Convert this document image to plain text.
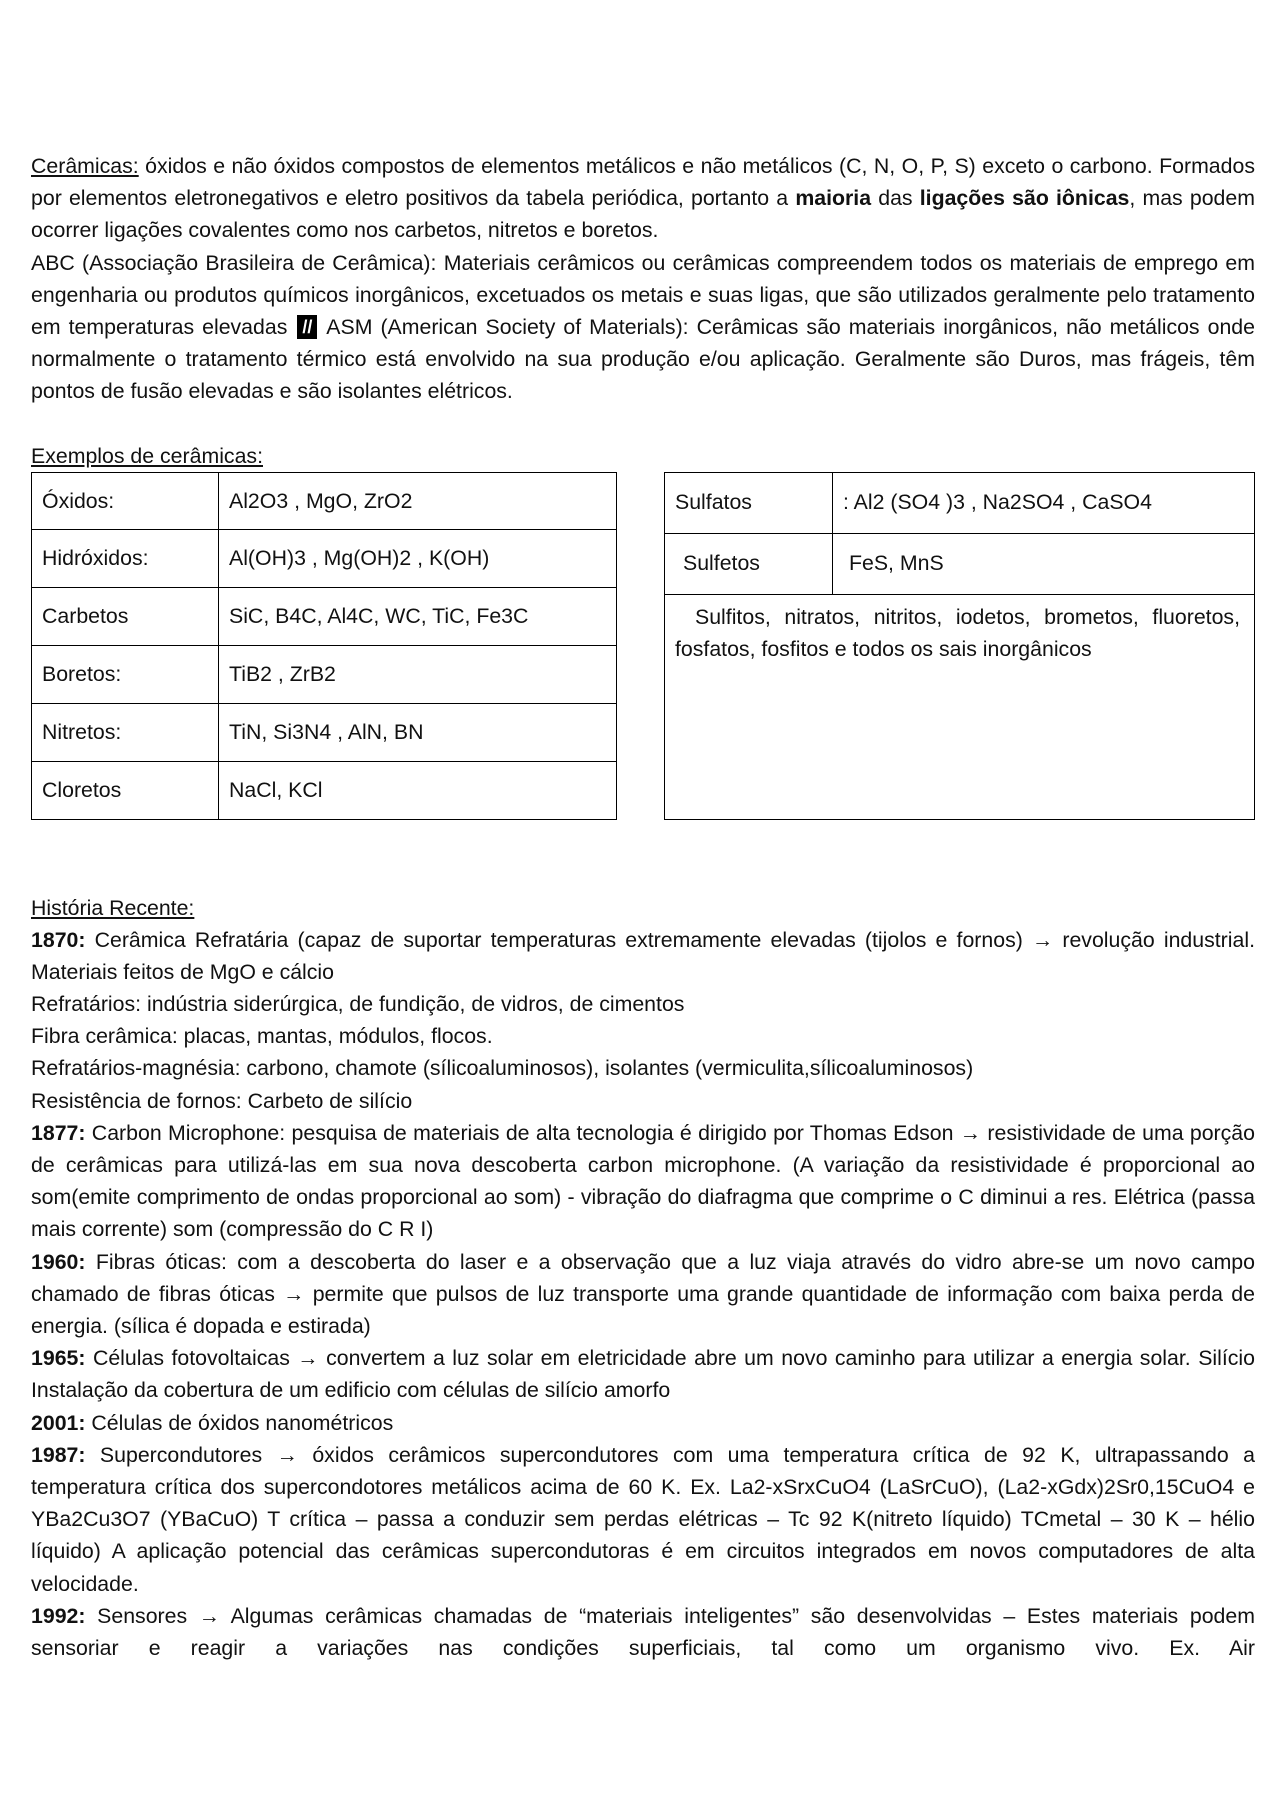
Cerâmicas: óxidos e não óxidos compostos de elementos metálicos e não metálicos (C, N, O, P, S) exceto o carbono. Formados por elementos eletronegativos e eletro positivos da tabela periódica, portanto a maioria das ligações são iônicas, mas podem ocorrer ligações covalentes como nos carbetos, nitretos e boretos.
ABC (Associação Brasileira de Cerâmica): Materiais cerâmicos ou cerâmicas compreendem todos os materiais de emprego em engenharia ou produtos químicos inorgânicos, excetuados os metais e suas ligas, que são utilizados geralmente pelo tratamento em temperaturas elevadas // ASM (American Society of Materials): Cerâmicas são materiais inorgânicos, não metálicos onde normalmente o tratamento térmico está envolvido na sua produção e/ou aplicação. Geralmente são Duros, mas frágeis, têm pontos de fusão elevadas e são isolantes elétricos.

Exemplos de cerâmicas:

Óxidos:	Al2O3 , MgO, ZrO2
Hidróxidos:	Al(OH)3 , Mg(OH)2 , K(OH)
Carbetos	SiC, B4C, Al4C, WC, TiC, Fe3C
Boretos:	TiB2 , ZrB2
Nitretos:	TiN, Si3N4 , AlN, BN
Cloretos	NaCl, KCl
Sulfatos	: Al2 (SO4 )3 , Na2SO4 , CaSO4
Sulfetos	FeS, MnS
Sulfitos, nitratos, nitritos, iodetos, brometos, fluoretos, fosfatos, fosfitos e todos os sais inorgânicos

História Recente:

1870: Cerâmica Refratária (capaz de suportar temperaturas extremamente elevadas (tijolos e fornos) → revolução industrial. Materiais feitos de MgO e cálcio
Refratários: indústria siderúrgica, de fundição, de vidros, de cimentos
Fibra cerâmica: placas, mantas, módulos, flocos.
Refratários-magnésia: carbono, chamote (sílicoaluminosos), isolantes (vermiculita,sílicoaluminosos)
Resistência de fornos: Carbeto de silício
1877: Carbon Microphone: pesquisa de materiais de alta tecnologia é dirigido por Thomas Edson → resistividade de uma porção de cerâmicas para utilizá-las em sua nova descoberta carbon microphone. (A variação da resistividade é proporcional ao som(emite comprimento de ondas proporcional ao som) - vibração do diafragma que comprime o C diminui a res. Elétrica (passa mais corrente) som (compressão do C R I)
1960: Fibras óticas: com a descoberta do laser e a observação que a luz viaja através do vidro abre-se um novo campo chamado de fibras óticas → permite que pulsos de luz transporte uma grande quantidade de informação com baixa perda de energia. (sílica é dopada e estirada)
1965: Células fotovoltaicas → convertem a luz solar em eletricidade abre um novo caminho para utilizar a energia solar. Silício Instalação da cobertura de um edificio com células de silício amorfo
2001: Células de óxidos nanométricos
1987: Supercondutores → óxidos cerâmicos supercondutores com uma temperatura crítica de 92 K, ultrapassando a temperatura crítica dos supercondotores metálicos acima de 60 K. Ex. La2-xSrxCuO4 (LaSrCuO), (La2-xGdx)2Sr0,15CuO4 e YBa2Cu3O7 (YBaCuO) T crítica – passa a conduzir sem perdas elétricas – Tc 92 K(nitreto líquido) TCmetal – 30 K – hélio líquido) A aplicação potencial das cerâmicas supercondutoras é em circuitos integrados em novos computadores de alta velocidade.
1992: Sensores → Algumas cerâmicas chamadas de “materiais inteligentes” são desenvolvidas – Estes materiais podem sensoriar e reagir a variações nas condições superficiais, tal como um organismo vivo. Ex. Air
